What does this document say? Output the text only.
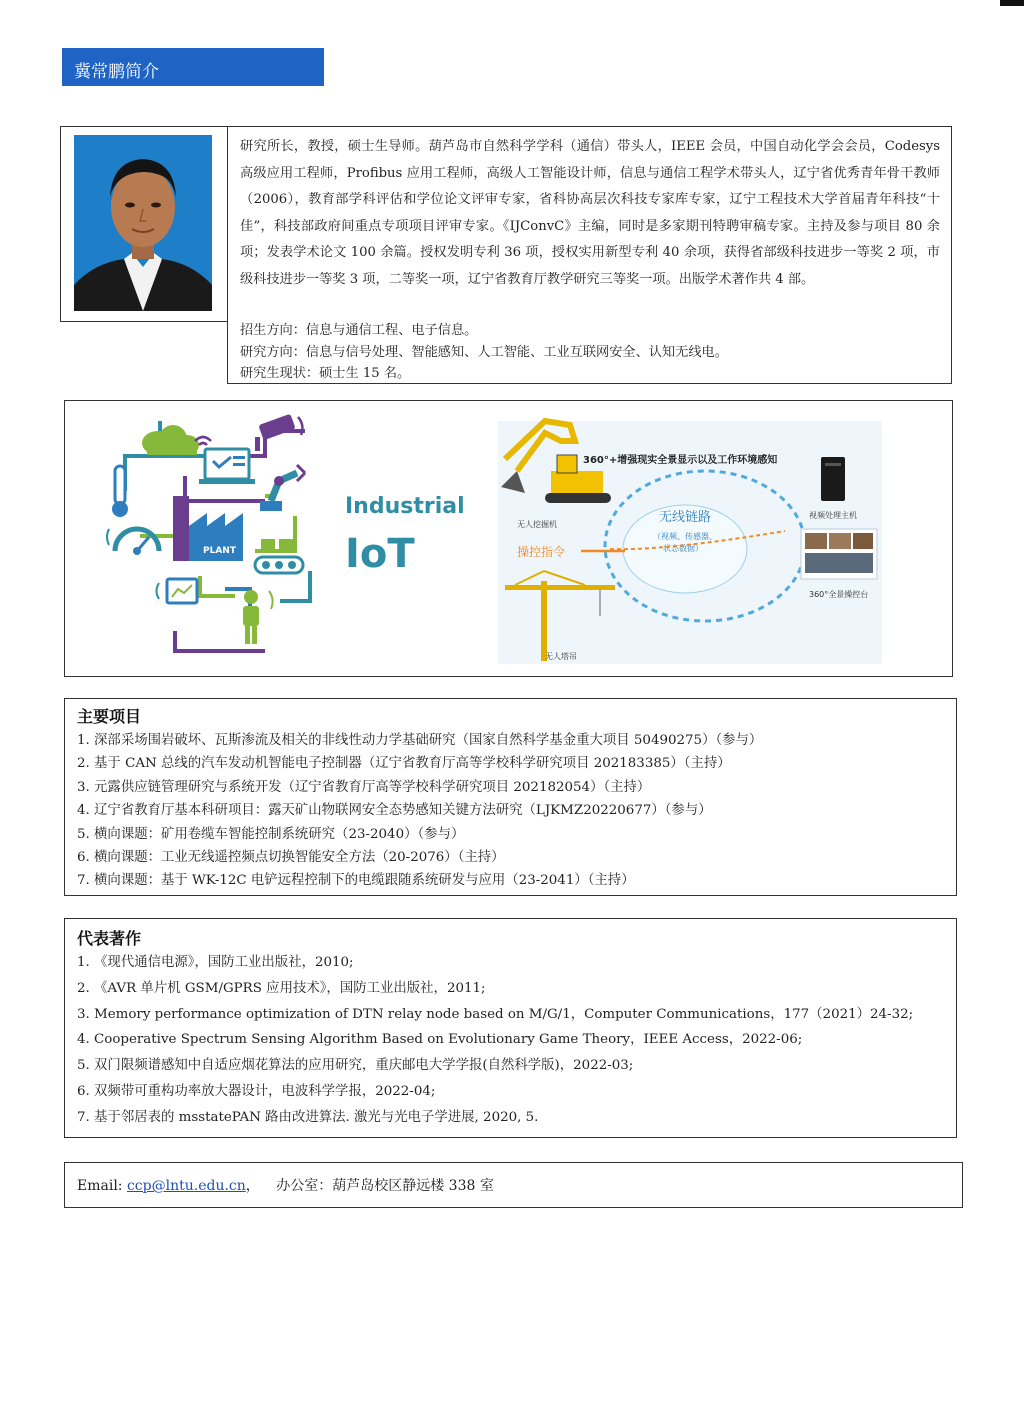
冀常鹏简介
研究所长，教授，硕士生导师。葫芦岛市自然科学学科（通信）带头人，IEEE 会员，中国自动化学会会员，Codesys 高级应用工程师，Profibus 应用工程师，高级人工智能设计师，信息与通信工程学术带头人，辽宁省优秀青年骨干教师（2006），教育部学科评估和学位论文评审专家，省科协高层次科技专家库专家，辽宁工程技术大学首届青年科技“十佳”，科技部政府间重点专项项目评审专家。《IJConvC》主编，同时是多家期刊特聘审稿专家。主持及参与项目 80 余项；发表学术论文 100 余篇。授权发明专利 36 项，授权实用新型专利 40 余项，获得省部级科技进步一等奖 2 项，市级科技进步一等奖 3 项，二等奖一项，辽宁省教育厅教学研究三等奖一项。出版学术著作共 4 部。
招生方向：信息与通信工程、电子信息。
研究方向：信息与信号处理、智能感知、人工智能、工业互联网安全、认知无线电。
研究生现状：硕士生 15 名。
PLANT
Industrial
IoT
360°+增强现实全景显示以及工作环境感知
无人挖掘机
无人塔吊
无线链路
（视频、传感器、
状态数据）
操控指令
视频处理主机
360°全景操控台
主要项目
1. 深部采场围岩破坏、瓦斯渗流及相关的非线性动力学基础研究（国家自然科学基金重大项目 50490275）（参与）
2. 基于 CAN 总线的汽车发动机智能电子控制器（辽宁省教育厅高等学校科学研究项目 202183385）（主持）
3. 元露供应链管理研究与系统开发（辽宁省教育厅高等学校科学研究项目 202182054）（主持）
4. 辽宁省教育厅基本科研项目：露天矿山物联网安全态势感知关键方法研究（LJKMZ20220677）（参与）
5. 横向课题：矿用卷缆车智能控制系统研究（23-2040）（参与）
6. 横向课题：工业无线遥控频点切换智能安全方法（20-2076）（主持）
7. 横向课题：基于 WK-12C 电铲远程控制下的电缆跟随系统研发与应用（23-2041）（主持）
代表著作
1. 《现代通信电源》，国防工业出版社，2010;
2. 《AVR 单片机 GSM/GPRS 应用技术》，国防工业出版社，2011;
3. Memory performance optimization of DTN relay node based on M/G/1，Computer Communications，177（2021）24-32;
4. Cooperative Spectrum Sensing Algorithm Based on Evolutionary Game Theory，IEEE Access，2022-06;
5. 双门限频谱感知中自适应烟花算法的应用研究，重庆邮电大学学报(自然科学版)，2022-03;
6. 双频带可重构功率放大器设计，电波科学学报，2022-04;
7. 基于邻居表的 msstatePAN 路由改进算法. 激光与光电子学进展, 2020, 5.
Email: ccp@lntu.edu.cn， 办公室：葫芦岛校区静远楼 338 室
